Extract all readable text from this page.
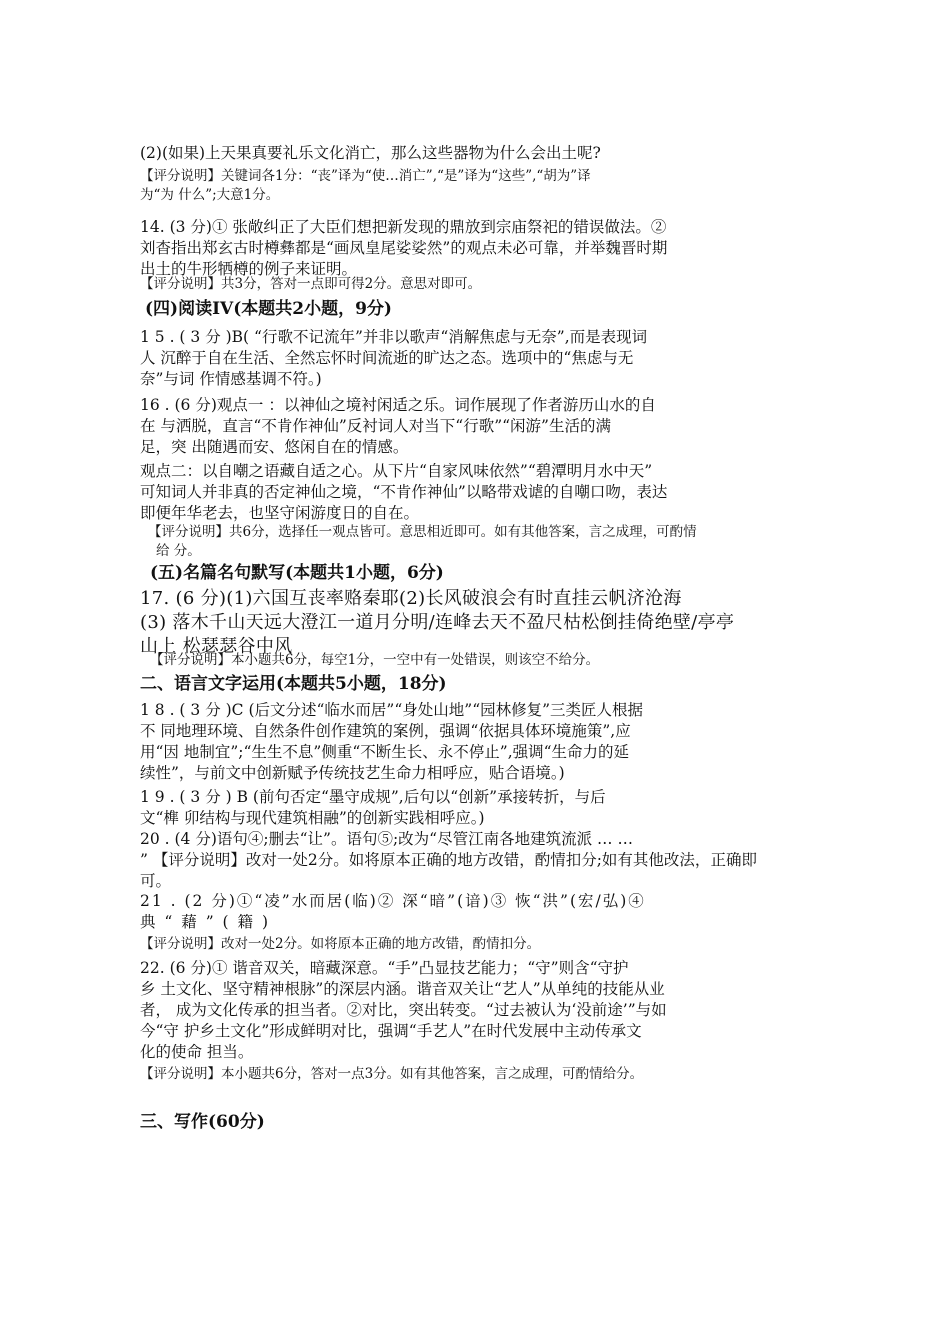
(2)(如果)上天果真要礼乐文化消亡，那么这些器物为什么会出土呢?
【评分说明】关键词各1分：“丧”译为“使…消亡”,“是”译为“这些”,“胡为”译
为“为 什么”;大意1分。
14. (3 分)① 张敞纠正了大臣们想把新发现的鼎放到宗庙祭祀的错误做法。②
刘杳指出郑玄古时樽彝都是“画凤皇尾娑娑然”的观点未必可靠，并举魏晋时期
出土的牛形牺樽的例子来证明。
【评分说明】共3分，答对一点即可得2分。意思对即可。
(四)阅读IV(本题共2小题，9分)
1 5 . ( 3 分 )B( “行歌不记流年”并非以歌声“消解焦虑与无奈”,而是表现词
人 沉醉于自在生活、全然忘怀时间流逝的旷达之态。选项中的“焦虑与无
奈”与词 作情感基调不符。)
16 . (6 分)观点一 ：以神仙之境衬闲适之乐。词作展现了作者游历山水的自
在 与洒脱，直言“不肯作神仙”反衬词人对当下“行歌”“闲游”生活的满
足，突 出随遇而安、悠闲自在的情感。
观点二：以自嘲之语藏自适之心。从下片“自家风味依然”“碧潭明月水中天”
可知词人并非真的否定神仙之境，“不肯作神仙”以略带戏谑的自嘲口吻，表达
即便年华老去，也坚守闲游度日的自在。
【评分说明】共6分，选择任一观点皆可。意思相近即可。如有其他答案，言之成理，可酌情
给 分。
(五)名篇名句默写(本题共1小题，6分)
17. (6 分)(1)六国互丧率赂秦耶(2)长风破浪会有时直挂云帆济沧海
(3) 落木千山天远大澄江一道月分明/连峰去天不盈尺枯松倒挂倚绝壁/亭亭
山上 松瑟瑟谷中风
【评分说明】本小题共6分，每空1分，一空中有一处错误，则该空不给分。
二、语言文字运用(本题共5小题，18分)
1 8 . ( 3 分 )C (后文分述“临水而居”“身处山地”“园林修复”三类匠人根据
不 同地理环境、自然条件创作建筑的案例，强调“依据具体环境施策”,应
用“因 地制宜”;“生生不息”侧重“不断生长、永不停止”,强调“生命力的延
续性”，与前文中创新赋予传统技艺生命力相呼应，贴合语境。)
1 9 . ( 3 分 ) B (前句否定“墨守成规”,后句以“创新”承接转折，与后
文“榫 卯结构与现代建筑相融”的创新实践相呼应。)
20 . (4 分)语句④;删去“让”。语句⑤;改为“尽管江南各地建筑流派 … …
” 【评分说明】改对一处2分。如将原本正确的地方改错，酌情扣分;如有其他改法，正确即
可。
21 . (2 分)①“凌”水而居(临)② 深“暗”(谙)③ 恢“洪”(宏/弘)④
典 “ 藉 ” ( 籍 )
【评分说明】改对一处2分。如将原本正确的地方改错，酌情扣分。
22. (6 分)① 谐音双关，暗藏深意。“手”凸显技艺能力；“守”则含“守护
乡 土文化、坚守精神根脉”的深层内涵。谐音双关让“艺人”从单纯的技能从业
者， 成为文化传承的担当者。②对比，突出转变。“过去被认为‘没前途’”与如
今“守 护乡土文化”形成鲜明对比，强调“手艺人”在时代发展中主动传承文
化的使命 担当。
【评分说明】本小题共6分，答对一点3分。如有其他答案，言之成理，可酌情给分。
三、写作(60分)
